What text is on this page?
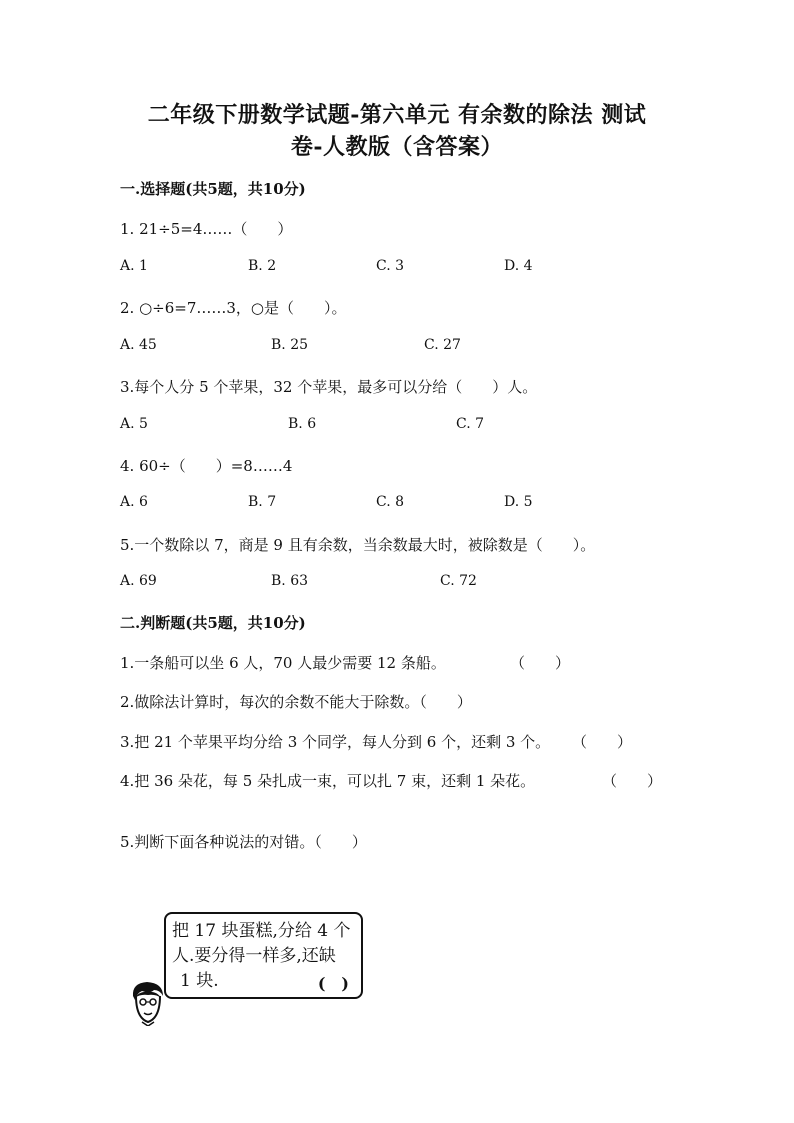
二年级下册数学试题-第六单元 有余数的除法 测试
卷-人教版（含答案）
一.选择题(共5题，共10分)
1. 21÷5=4……（　　）
A. 1	B. 2	C. 3	D. 4
2. ○÷6=7……3，○是（　　）。
A. 45	B. 25	C. 27
3.每个人分 5 个苹果，32 个苹果，最多可以分给（　　）人。
A. 5	B. 6	C. 7
4. 60÷（　　）=8……4
A. 6	B. 7	C. 8	D. 5
5.一个数除以 7，商是 9 且有余数，当余数最大时，被除数是（　　）。
A. 69	B. 63	C. 72
二.判断题(共5题，共10分)
1.一条船可以坐 6 人，70 人最少需要 12 条船。	（　　）
2.做除法计算时，每次的余数不能大于除数。（　　）
3.把 21 个苹果平均分给 3 个同学，每人分到 6 个，还剩 3 个。 （　　）
4.把 36 朵花，每 5 朵扎成一束，可以扎 7 束，还剩 1 朵花。	（　　）
5.判断下面各种说法的对错。（　　）
把 17 块蛋糕,分给 4 个
人.要分得一样多,还缺
1 块.	(　)
